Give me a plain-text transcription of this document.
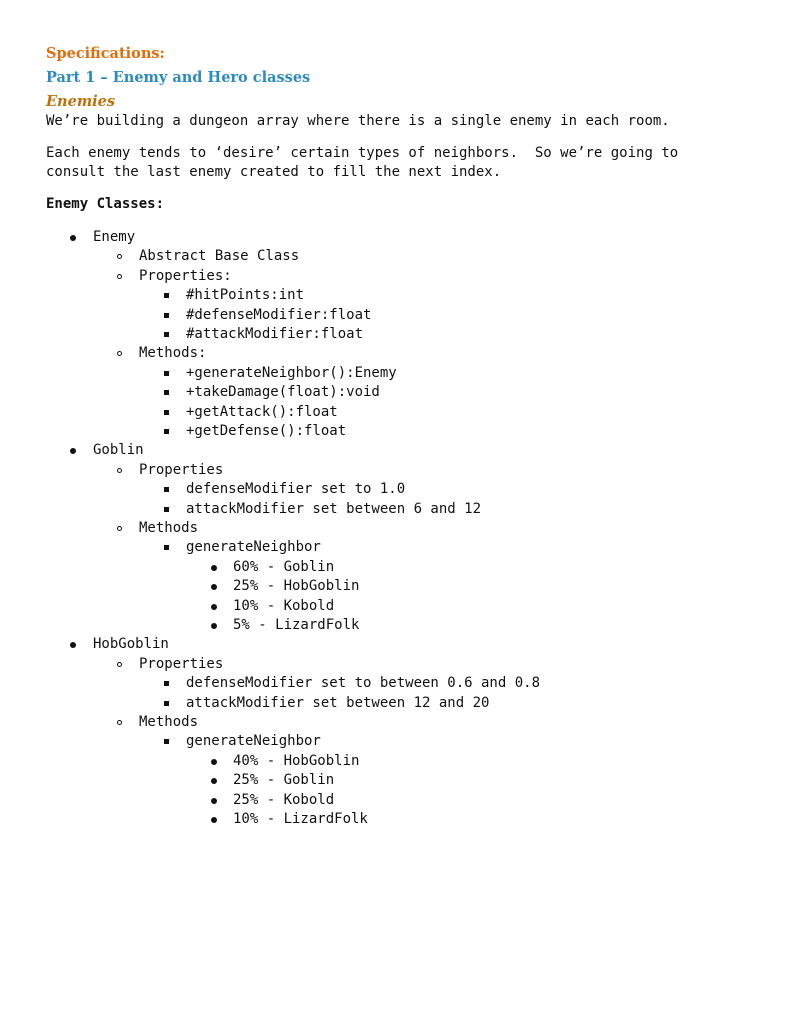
Specifications:
Part 1 – Enemy and Hero classes
Enemies
We’re building a dungeon array where there is a single enemy in each room.
Each enemy tends to ‘desire’ certain types of neighbors.  So we’re going to
consult the last enemy created to fill the next index.
Enemy Classes:
Enemy
Abstract Base Class
Properties:
#hitPoints:int
#defenseModifier:float
#attackModifier:float
Methods:
+generateNeighbor():Enemy
+takeDamage(float):void
+getAttack():float
+getDefense():float
Goblin
Properties
defenseModifier set to 1.0
attackModifier set between 6 and 12
Methods
generateNeighbor
60% - Goblin
25% - HobGoblin
10% - Kobold
5% - LizardFolk
HobGoblin
Properties
defenseModifier set to between 0.6 and 0.8
attackModifier set between 12 and 20
Methods
generateNeighbor
40% - HobGoblin
25% - Goblin
25% - Kobold
10% - LizardFolk
